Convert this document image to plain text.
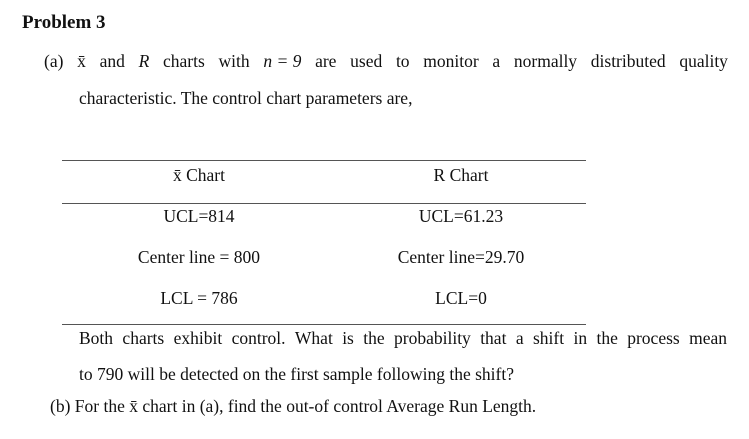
Problem 3
(a) x̄ and R charts with n = 9 are used to monitor a normally distributed quality
characteristic. The control chart parameters are,
x̄ Chart	R Chart
UCL=814	UCL=61.23
Center line = 800	Center line=29.70
LCL = 786	LCL=0
Both charts exhibit control. What is the probability that a shift in the process mean
to 790 will be detected on the first sample following the shift?
(b) For the x̄ chart in (a), find the out-of control Average Run Length.
